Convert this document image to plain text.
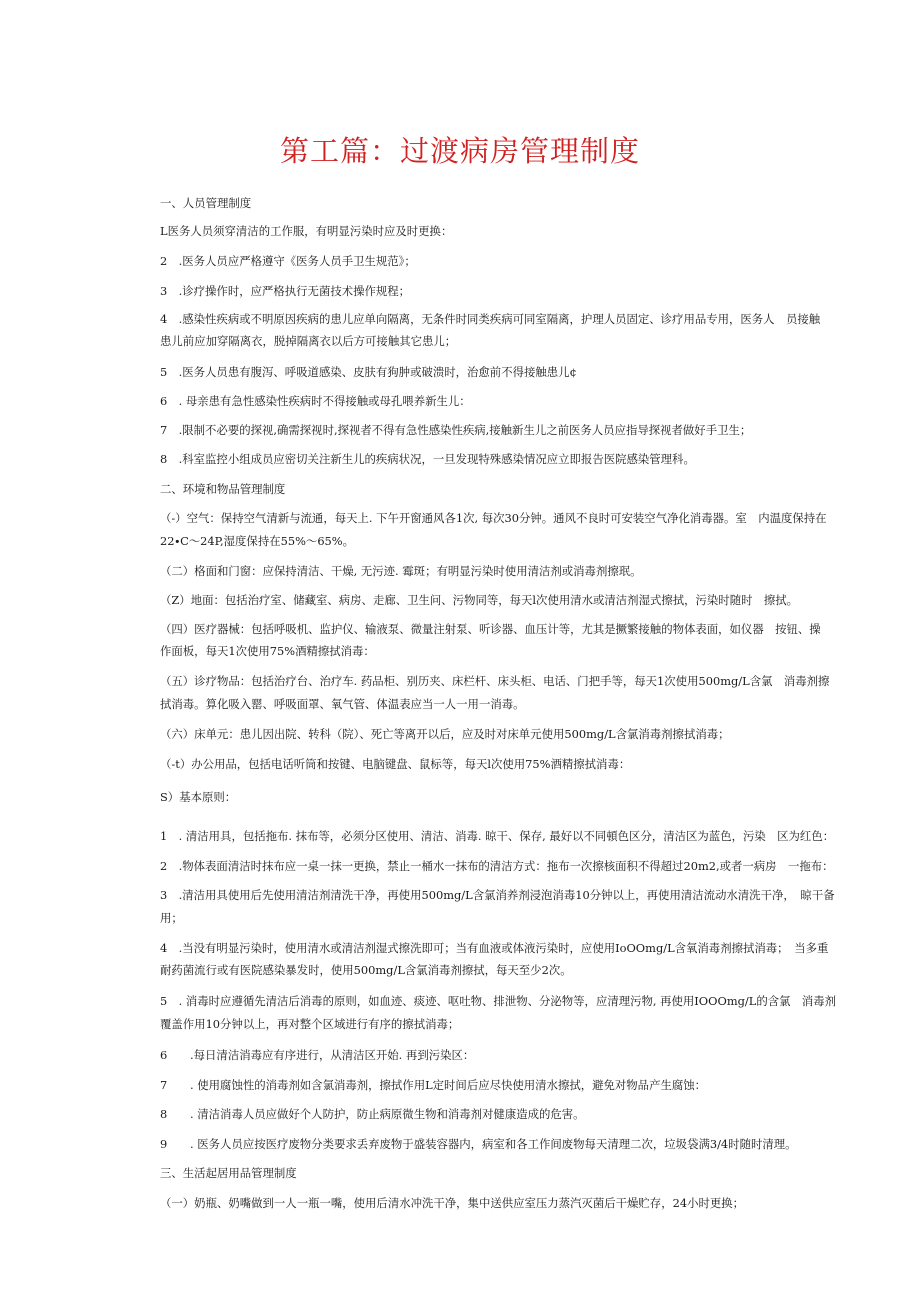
第工篇：过渡病房管理制度
一、人员管理制度
L医务人员须穿清洁的工作服，有明显污染时应及时更换：
2　.医务人员应严格遵守《医务人员手卫生规范》；
3　.诊疗操作时，应严格执行无菌技术操作规程；
4　.感染性疾病或不明原因疾病的患儿应单向隔离，无条件时同类疾病可同室隔离，护理人员固定、诊疗用品专用，医务人　员接触
患儿前应加穿隔离衣，脱掉隔离衣以后方可接触其它患儿；
5　.医务人员患有腹泻、呼吸道感染、皮肤有狗肿或破溃时，治愈前不得接触患儿¢
6　. 母亲患有急性感染性疾病时不得接触或母孔喂养新生儿：
7　.限制不必要的探视,确需探视时,探视者不得有急性感染性疾病,接触新生儿之前医务人员应指导探视者做好手卫生；
8　.科室监控小组成员应密切关注新生儿的疾病状况，一旦发现特殊感染情况应立即报告医院感染管理科。
二、环境和物品管理制度
（-）空气：保持空气清新与流通，每天上. 下午开窗通风各1次, 每次30分钟。通风不良时可安装空气净化消毒器。室　内温度保持在
22∙C～24P,湿度保持在55%～65%。
（二）格面和门窗：应保持清洁、干燥, 无污迹. 霉斑；有明显污染时使用清洁剂或消毒剂擦珉。
（Z）地面：包括治疗室、储藏室、病房、走廊、卫生问、污物同等，每天l次使用清水或清洁剂湿式擦拭，污染时随时　擦拭。
（四）医疗器械：包括呼吸机、监护仪、输液泵、微量注射泵、听诊器、血压计等，尤其是撅繁接触的物体表面，如仪器　按钮、操
作面板，每天1次使用75%酒精擦拭消毒：
（五）诊疗物品：包括治疗台、治疗车. 药品柜、别历夹、床栏杆、床头柜、电话、门把手等，每天1次使用500mg∕L含氯　消毒剂擦
拭消毒。算化吸入罂、呼吸面罩、氧气管、体温表应当一人一用一消毒。
（六）床单元：患儿因出院、转科（院）、死亡等离开以后，应及时对床单元使用500mg∕L含氯消毒剂擦拭消毒；
（-t）办公用品，包括电话听筒和按键、电脑键盘、鼠标等，每天l次使用75%酒精擦拭消毒：
S）基本原则：
1　. 清洁用具，包括拖布. 抹布等，必须分区使用、清洁、消毒. 晾干、保存, 最好以不同頓色区分，清洁区为蓝色，污染　区为红色：
2　.物体表面清洁时抹布应一桌一抹一更换，禁止一桶水一抹布的清洁方式：拖布一次擦核面积不得超过20m2,或者一病房　一拖布：
3　.清洁用具使用后先使用清洁剂清洗干净，再使用500mg∕L含氯消养剂浸泡消毒10分钟以上，再使用清洁流动水清洗干净，　晾干备
用；
4　.当没有明显污染时，使用清水或清洁剂湿式擦洗即可；当有血液或体液污染时，应使用IoOOmg∕L含氧消毒剂擦拭消毒；　当多重
耐药菌流行或有医院感染暴发时，使用500mg∕L含氯消毒剂擦拭，每天至少2次。
5　. 消毒时应遵循先清洁后消毒的原则，如血迹、痰迹、呕吐物、排泄物、分泌物等，应清理污物, 再使用IOOOmg/L的含氯　消毒剂
覆盖作用10分钟以上，再对整个区域进行有序的擦拭消毒；
6　　.每日清洁消毒应有序进行，从清洁区开始. 再到污染区：
7　　. 使用腐蚀性的消毒剂如含氯消毒剂，擦拭作用L定时间后应尽快使用清水擦拭，避免对物品产生腐蚀：
8　　. 清洁消毒人员应做好个人防护，防止病原微生物和消毒剂对健康造成的危害。
9　　. 医务人员应按医疗废物分类要求丢弃废物于盛装容器内，病室和各工作间废物每天清理二次，垃圾袋满3/4时随时清理。
三、生活起居用品管理制度
（一）奶瓶、奶嘴做到一人一瓶一嘴，使用后清水冲洗干净，集中送供应室压力蒸汽灭菌后干燥贮存，24小时更换；
